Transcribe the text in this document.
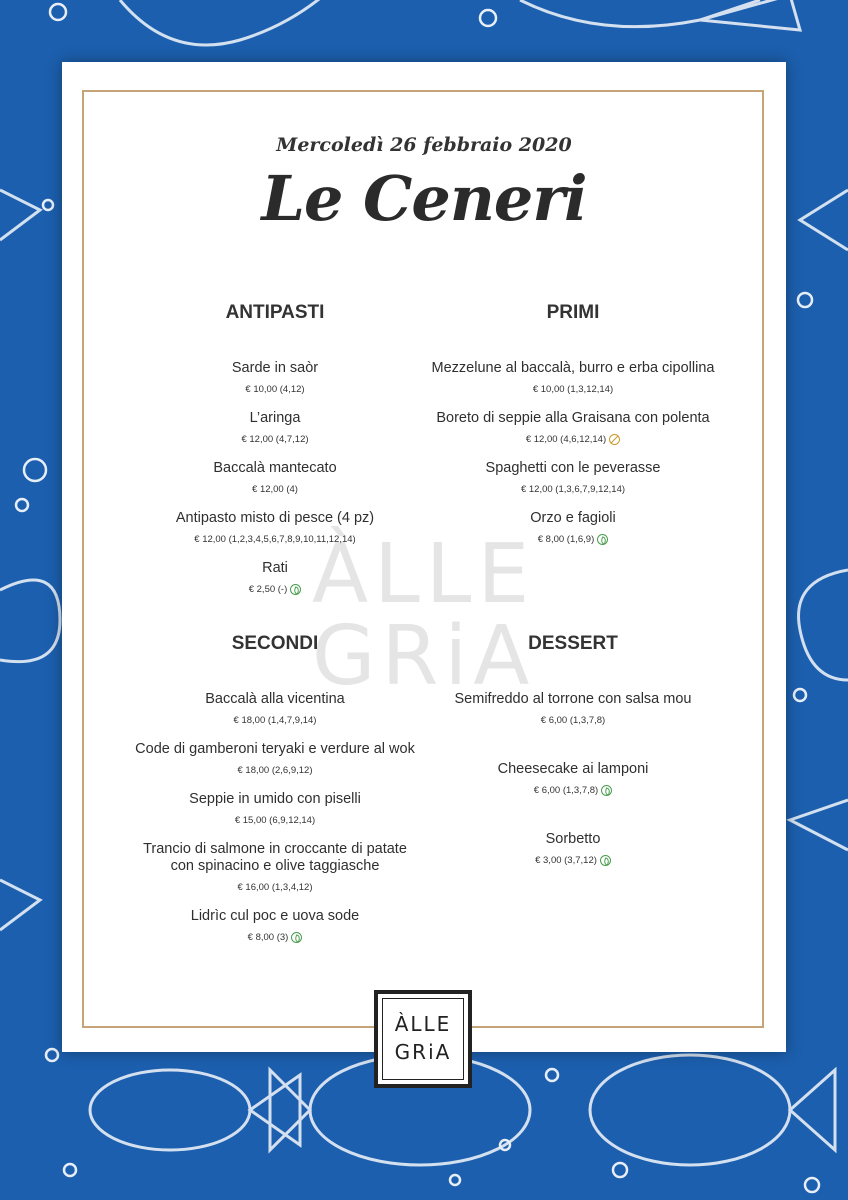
Mercoledì 26 febbraio 2020
Le Ceneri
ÀLLE
GRiA
ANTIPASTI
Sarde in saòr
€ 10,00 (4,12)
L’aringa
€ 12,00 (4,7,12)
Baccalà mantecato
€ 12,00 (4)
Antipasto misto di pesce (4 pz)
€ 12,00 (1,2,3,4,5,6,7,8,9,10,11,12,14)
Rati
€ 2,50 (-)
PRIMI
Mezzelune al baccalà, burro e erba cipollina
€ 10,00 (1,3,12,14)
Boreto di seppie alla Graisana con polenta
€ 12,00 (4,6,12,14)
Spaghetti con le peverasse
€ 12,00 (1,3,6,7,9,12,14)
Orzo e fagioli
€ 8,00 (1,6,9)
SECONDI
Baccalà alla vicentina
€ 18,00 (1,4,7,9,14)
Code di gamberoni teryaki e verdure al wok
€ 18,00 (2,6,9,12)
Seppie in umido con piselli
€ 15,00 (6,9,12,14)
Trancio di salmone in croccante di patate
con spinacino e olive taggiasche
€ 16,00 (1,3,4,12)
Lidrìc cul poc e uova sode
€ 8,00 (3)
DESSERT
Semifreddo al torrone con salsa mou
€ 6,00 (1,3,7,8)
Cheesecake ai lamponi
€ 6,00 (1,3,7,8)
Sorbetto
€ 3,00 (3,7,12)
ÀLLE
GRiA
